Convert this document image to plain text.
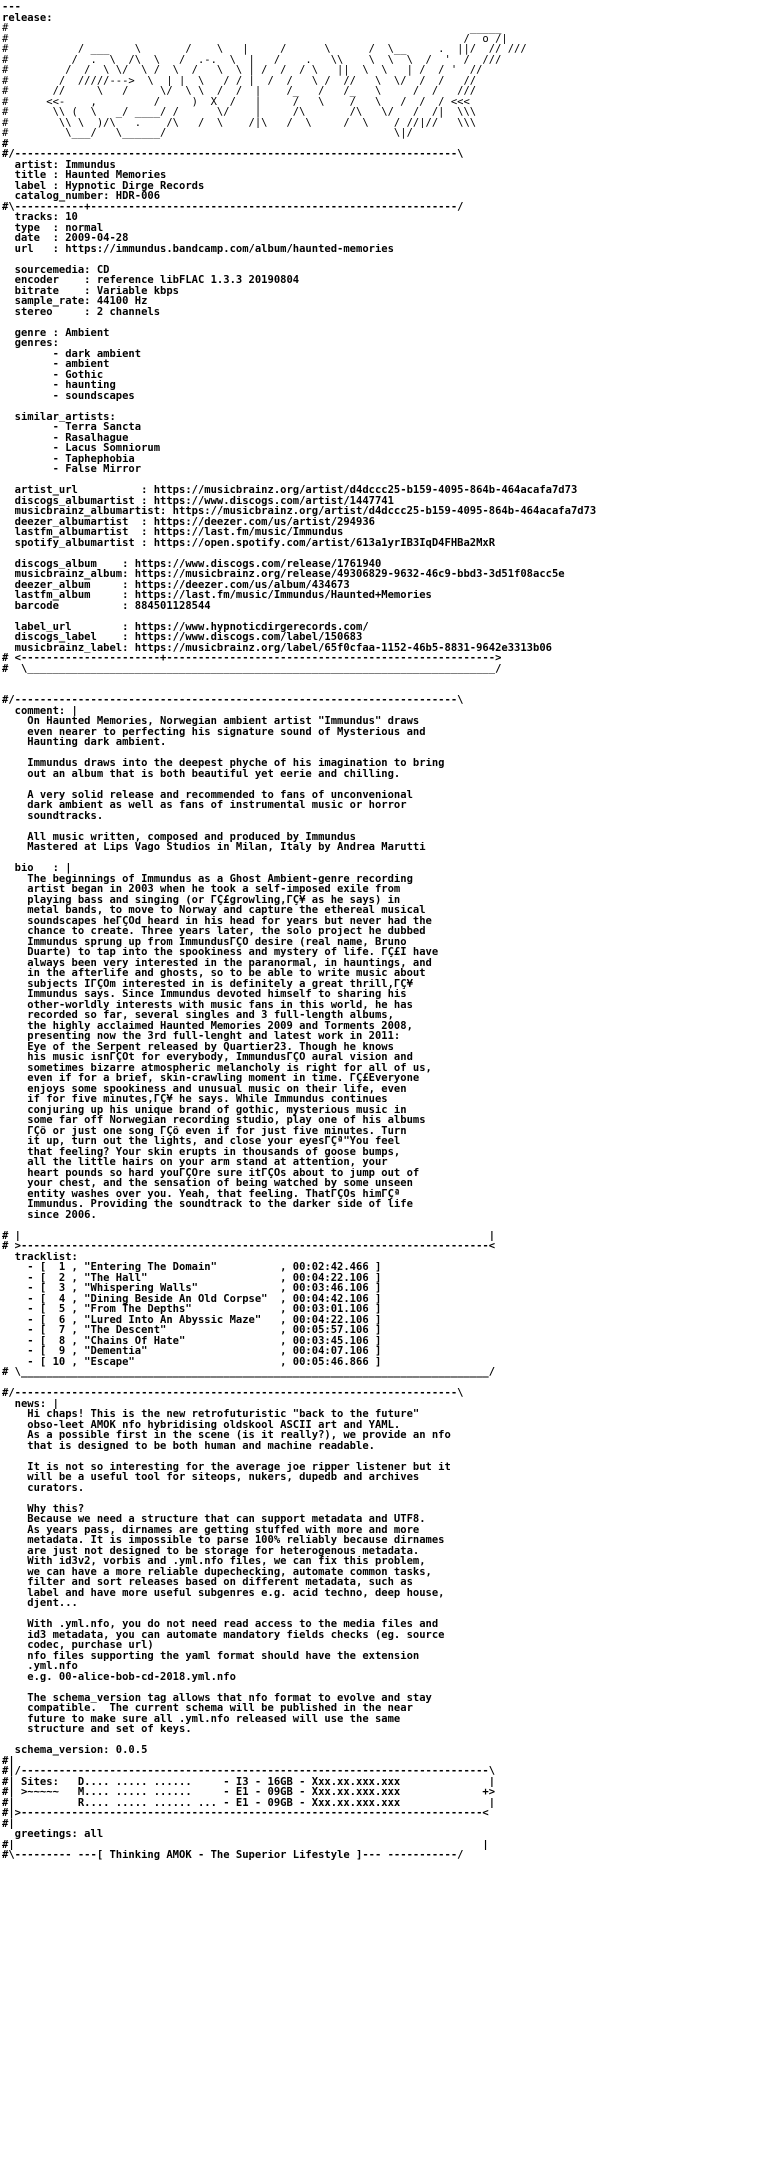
---
release:
#                                                                         _____
#            ________         ____          ______         __            /  o /|
#           / ___    \       /    \   |     /      \      /  \__     .  ||/  // ///
#          /  .  \  /\  \__ /  .-.  \  | __/    .   \\  __\  \  \  /  '  /  ///
#         /  /  \ \/  \ /  \  /   \  \ | /  /  / \   ||  \  \   | /  / '  //
#        /  /////--->  \  | |  \   / / |  /  /   \ /  //   \  \/  /  /   //
#       //     \   /     \/  \ \  /  /  |    /_   /   /_   \     /  /   ///
#      <<-  __,       __/   __)  X  /   |  ___/   \ ___/   \  _/  /  / <<<
#       \\ (  \   _/ ____/ /      \/    |     /\       /\   \/   /  /|  \\\
#        \\_\__)/\___.____/\___/  \____/|\___/  \_____/  \____/ //|//   \\\
#         \___/   \______/                                    \|/
#
#/----------------------------------------------------------------------\
artist: Immundus
title : Haunted Memories
label : Hypnotic Dirge Records
catalog_number: HDR-006
#\-----------+----------------------------------------------------------/
tracks: 10
type  : normal
date  : 2009-04-28
url   : https://immundus.bandcamp.com/album/haunted-memories

sourcemedia: CD
encoder    : reference libFLAC 1.3.3 20190804
bitrate    : Variable kbps
sample_rate: 44100 Hz
stereo     : 2 channels

genre : Ambient
genres:
- dark ambient
- ambient
- Gothic
- haunting
- soundscapes

similar_artists:
- Terra Sancta
- Rasalhague
- Lacus Somniorum
- Taphephobia
- False Mirror

artist_url          : https://musicbrainz.org/artist/d4dccc25-b159-4095-864b-464acafa7d73
discogs_albumartist : https://www.discogs.com/artist/1447741
musicbrainz_albumartist: https://musicbrainz.org/artist/d4dccc25-b159-4095-864b-464acafa7d73
deezer_albumartist  : https://deezer.com/us/artist/294936
lastfm_albumartist  : https://last.fm/music/Immundus
spotify_albumartist : https://open.spotify.com/artist/613a1yrIB3IqD4FHBa2MxR

discogs_album    : https://www.discogs.com/release/1761940
musicbrainz_album: https://musicbrainz.org/release/49306829-9632-46c9-bbd3-3d51f08acc5e
deezer_album     : https://deezer.com/us/album/434673
lastfm_album     : https://last.fm/music/Immundus/Haunted+Memories
barcode          : 884501128544

label_url        : https://www.hypnoticdirgerecords.com/
discogs_label    : https://www.discogs.com/label/150683
musicbrainz_label: https://musicbrainz.org/label/65f0cfaa-1152-46b5-8831-9642e3313b06
# <----------------------+---------------------------------------------------->
#  \__________________________________________________________________________/

#/----------------------------------------------------------------------\
comment: |
On Haunted Memories, Norwegian ambient artist "Immundus" draws
even nearer to perfecting his signature sound of Mysterious and
Haunting dark ambient.

Immundus draws into the deepest phyche of his imagination to bring
out an album that is both beautiful yet eerie and chilling.

A very solid release and recommended to fans of unconvenional
dark ambient as well as fans of instrumental music or horror
soundtracks.

All music written, composed and produced by Immundus
Mastered at Lips Vago Studios in Milan, Italy by Andrea Marutti

bio   : |
The beginnings of Immundus as a Ghost Ambient-genre recording
artist began in 2003 when he took a self-imposed exile from
playing bass and singing (or ΓÇ£growling,ΓÇ¥ as he says) in
metal bands, to move to Norway and capture the ethereal musical
soundscapes heΓÇÖd heard in his head for years but never had the
chance to create. Three years later, the solo project he dubbed
Immundus sprung up from ImmundusΓÇÖ desire (real name, Bruno
Duarte) to tap into the spookiness and mystery of life. ΓÇ£I have
always been very interested in the paranormal, in hauntings, and
in the afterlife and ghosts, so to be able to write music about
subjects IΓÇÖm interested in is definitely a great thrill,ΓÇ¥
Immundus says. Since Immundus devoted himself to sharing his
other-worldly interests with music fans in this world, he has
recorded so far, several singles and 3 full-length albums,
the highly acclaimed Haunted Memories 2009 and Torments 2008,
presenting now the 3rd full-lenght and latest work in 2011:
Eye of the Serpent released by Quartier23. Though he knows
his music isnΓÇÖt for everybody, ImmundusΓÇÖ aural vision and
sometimes bizarre atmospheric melancholy is right for all of us,
even if for a brief, skin-crawling moment in time. ΓÇ£Everyone
enjoys some spookiness and unusual music on their life, even
if for five minutes,ΓÇ¥ he says. While Immundus continues
conjuring up his unique brand of gothic, mysterious music in
some far off Norwegian recording studio, play one of his albums
ΓÇô or just one song ΓÇô even if for just five minutes. Turn
it up, turn out the lights, and close your eyesΓÇª"You feel
that feeling? Your skin erupts in thousands of goose bumps,
all the little hairs on your arm stand at attention, your
heart pounds so hard youΓÇÖre sure itΓÇÖs about to jump out of
your chest, and the sensation of being watched by some unseen
entity washes over you. Yeah, that feeling. ThatΓÇÖs himΓÇª
Immundus. Providing the soundtrack to the darker side of life
since 2006.

# |                                                                          |
# >--------------------------------------------------------------------------<
tracklist:
- [  1 , "Entering The Domain"          , 00:02:42.466 ]
- [  2 , "The Hall"                     , 00:04:22.106 ]
- [  3 , "Whispering Walls"             , 00:03:46.106 ]
- [  4 , "Dining Beside An Old Corpse"  , 00:04:42.106 ]
- [  5 , "From The Depths"              , 00:03:01.106 ]
- [  6 , "Lured Into An Abyssic Maze"   , 00:04:22.106 ]
- [  7 , "The Descent"                  , 00:05:57.106 ]
- [  8 , "Chains Of Hate"               , 00:03:45.106 ]
- [  9 , "Dementia"                     , 00:04:07.106 ]
- [ 10 , "Escape"                       , 00:05:46.866 ]
# \__________________________________________________________________________/

#/----------------------------------------------------------------------\
news: |
Hi chaps! This is the new retrofuturistic "back to the future"
obso-leet AMOK nfo hybridising oldskool ASCII art and YAML.
As a possible first in the scene (is it really?), we provide an nfo
that is designed to be both human and machine readable.

It is not so interesting for the average joe ripper listener but it
will be a useful tool for siteops, nukers, dupedb and archives
curators.

Why this?
Because we need a structure that can support metadata and UTF8.
As years pass, dirnames are getting stuffed with more and more
metadata. It is impossible to parse 100% reliably because dirnames
are just not designed to be storage for heterogenous metadata.
With id3v2, vorbis and .yml.nfo files, we can fix this problem,
we can have a more reliable dupechecking, automate common tasks,
filter and sort releases based on different metadata, such as
label and have more useful subgenres e.g. acid techno, deep house,
djent...

With .yml.nfo, you do not need read access to the media files and
id3 metadata, you can automate mandatory fields checks (eg. source
codec, purchase url)
nfo files supporting the yaml format should have the extension
.yml.nfo
e.g. 00-alice-bob-cd-2018.yml.nfo

The schema_version tag allows that nfo format to evolve and stay
compatible.  The current schema will be published in the near
future to make sure all .yml.nfo released will use the same
structure and set of keys.

schema_version: 0.0.5
#|
#|/--------------------------------------------------------------------------\
#| Sites:   D.... ..... ......     - I3 - 16GB - Xxx.xx.xxx.xxx              |
#| >~~~~~   M.... ..... ......     - E1 - 09GB - Xxx.xx.xxx.xxx             +>
#|          R.... ..... ...... ... - E1 - 09GB - Xxx.xx.xxx.xxx              |
#|>-------------------------------------------------------------------------<
#|
greetings: all
#|                                                                          |
#\--------- ---[ Thinking AMOK - The Superior Lifestyle ]--- -----------/
